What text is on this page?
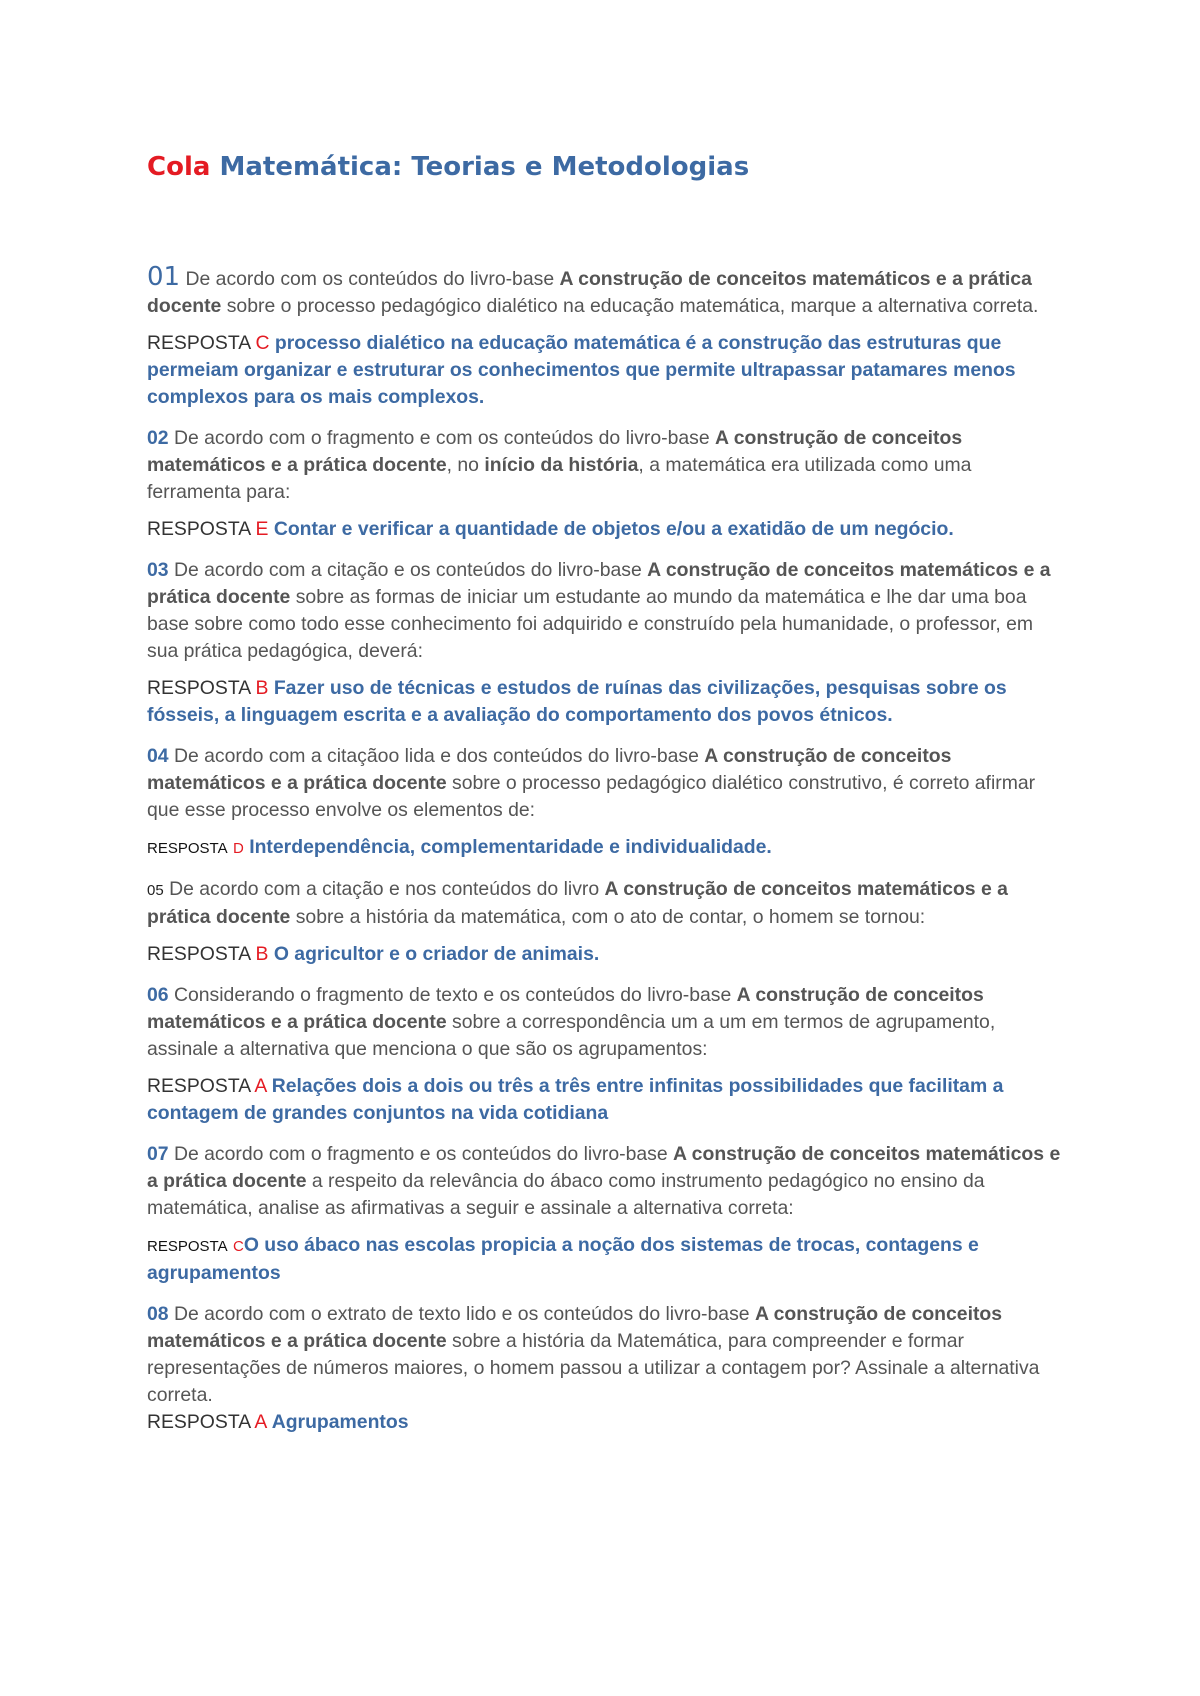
Cola Matemática: Teorias e Metodologias

01 De acordo com os conteúdos do livro-base A construção de conceitos matemáticos e a prática docente sobre o processo pedagógico dialético na educação matemática, marque a alternativa correta.

RESPOSTA C processo dialético na educação matemática é a construção das estruturas que permeiam organizar e estruturar os conhecimentos que permite ultrapassar patamares menos complexos para os mais complexos.

02 De acordo com o fragmento e com os conteúdos do livro-base A construção de conceitos matemáticos e a prática docente, no início da história, a matemática era utilizada como uma ferramenta para:

RESPOSTA E Contar e verificar a quantidade de objetos e/ou a exatidão de um negócio.

03 De acordo com a citação e os conteúdos do livro-base A construção de conceitos matemáticos e a prática docente sobre as formas de iniciar um estudante ao mundo da matemática e lhe dar uma boa base sobre como todo esse conhecimento foi adquirido e construído pela humanidade, o professor, em sua prática pedagógica, deverá:

RESPOSTA B Fazer uso de técnicas e estudos de ruínas das civilizações, pesquisas sobre os fósseis, a linguagem escrita e a avaliação do comportamento dos povos étnicos.

04 De acordo com a citaçãoo lida e dos conteúdos do livro-base A construção de conceitos matemáticos e a prática docente sobre o processo pedagógico dialético construtivo, é correto afirmar que esse processo envolve os elementos de:

RESPOSTA D Interdependência, complementaridade e individualidade.

05 De acordo com a citação e nos conteúdos do livro A construção de conceitos matemáticos e a prática docente sobre a história da matemática, com o ato de contar, o homem se tornou:

RESPOSTA B O agricultor e o criador de animais.

06 Considerando o fragmento de texto e os conteúdos do livro-base A construção de conceitos matemáticos e a prática docente sobre a correspondência um a um em termos de agrupamento, assinale a alternativa que menciona o que são os agrupamentos:

RESPOSTA A Relações dois a dois ou três a três entre infinitas possibilidades que facilitam a contagem de grandes conjuntos na vida cotidiana

07 De acordo com o fragmento e os conteúdos do livro-base A construção de conceitos matemáticos e a prática docente a respeito da relevância do ábaco como instrumento pedagógico no ensino da matemática, analise as afirmativas a seguir e assinale a alternativa correta:

RESPOSTA CO uso ábaco nas escolas propicia a noção dos sistemas de trocas, contagens e agrupamentos

08 De acordo com o extrato de texto lido e os conteúdos do livro-base A construção de conceitos matemáticos e a prática docente sobre a história da Matemática, para compreender e formar representações de números maiores, o homem passou a utilizar a contagem por? Assinale a alternativa correta.

RESPOSTA A Agrupamentos
